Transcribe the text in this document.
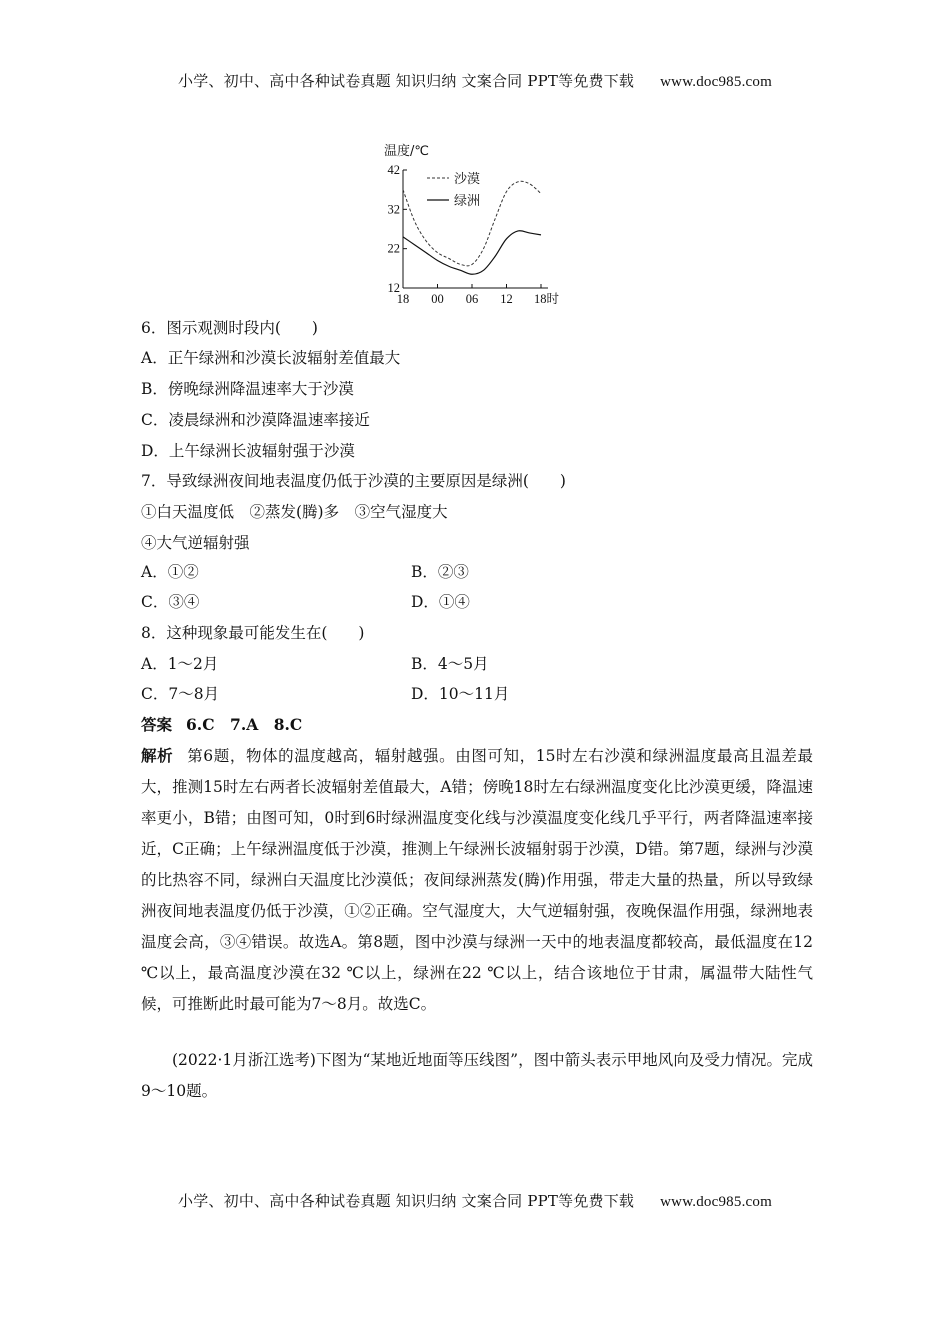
小学、初中、高中各种试卷真题 知识归纳 文案合同 PPT等免费下载 www.doc985.com
温度/℃
沙漠
绿洲
12
22
32
42
18 00 06 12 18时
6．图示观测时段内(　　)
A．正午绿洲和沙漠长波辐射差值最大
B．傍晚绿洲降温速率大于沙漠
C．凌晨绿洲和沙漠降温速率接近
D．上午绿洲长波辐射强于沙漠
7．导致绿洲夜间地表温度仍低于沙漠的主要原因是绿洲(　　)
①白天温度低　②蒸发(腾)多　③空气湿度大
④大气逆辐射强
A．①②	B．②③
C．③④	D．①④
8．这种现象最可能发生在(　　)
A．1～2月	B．4～5月
C．7～8月	D．10～11月
答案 6.C　7.A　8.C
解析 第6题，物体的温度越高，辐射越强。由图可知，15时左右沙漠和绿洲温度最高且温差最大，推测15时左右两者长波辐射差值最大，A错；傍晚18时左右绿洲温度变化比沙漠更缓，降温速率更小，B错；由图可知，0时到6时绿洲温度变化线与沙漠温度变化线几乎平行，两者降温速率接近，C正确；上午绿洲温度低于沙漠，推测上午绿洲长波辐射弱于沙漠，D错。第7题，绿洲与沙漠的比热容不同，绿洲白天温度比沙漠低；夜间绿洲蒸发(腾)作用强，带走大量的热量，所以导致绿洲夜间地表温度仍低于沙漠，①②正确。空气湿度大，大气逆辐射强，夜晚保温作用强，绿洲地表温度会高，③④错误。故选A。第8题，图中沙漠与绿洲一天中的地表温度都较高，最低温度在12 ℃以上，最高温度沙漠在32 ℃以上，绿洲在22 ℃以上，结合该地位于甘肃，属温带大陆性气候，可推断此时最可能为7～8月。故选C。
(2022·1月浙江选考)下图为“某地近地面等压线图”，图中箭头表示甲地风向及受力情况。完成9～10题。
小学、初中、高中各种试卷真题 知识归纳 文案合同 PPT等免费下载 www.doc985.com
